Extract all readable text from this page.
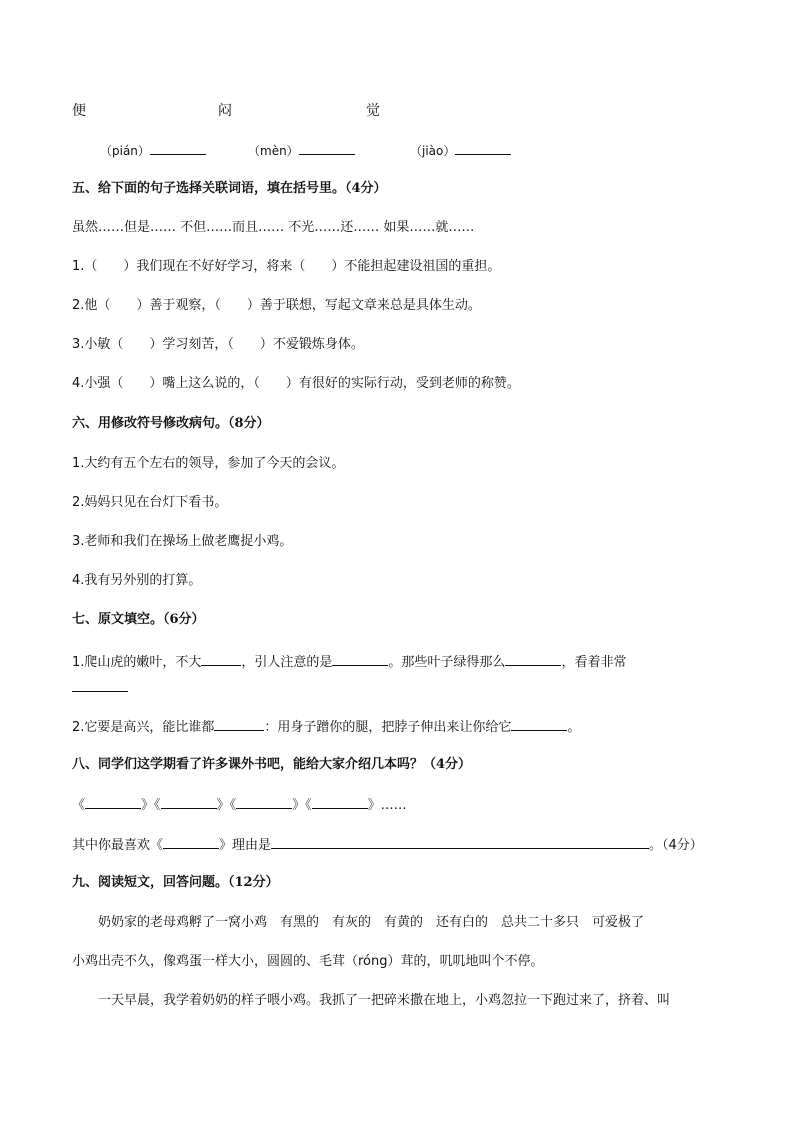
便	闷	觉
（pián）	（mèn）	（jiào）
五、给下面的句子选择关联词语，填在括号里。（4分）
虽然……但是…… 不但……而且…… 不光……还…… 如果……就……
1.（　　）我们现在不好好学习，将来（　　）不能担起建设祖国的重担。
2.他（　　）善于观察，（　　）善于联想，写起文章来总是具体生动。
3.小敏（　　）学习刻苦，（　　）不爱锻炼身体。
4.小强（　　）嘴上这么说的，（　　）有很好的实际行动，受到老师的称赞。
六、用修改符号修改病句。（8分）
1.大约有五个左右的领导，参加了今天的会议。
2.妈妈只见在台灯下看书。
3.老师和我们在操场上做老鹰捉小鸡。
4.我有另外别的打算。
七、原文填空。（6分）
1.爬山虎的嫩叶，不大	，引人注意的是	。那些叶子绿得那么	，看着非常
2.它要是高兴，能比谁都	：用身子蹭你的腿，把脖子伸出来让你给它	。
八、同学们这学期看了许多课外书吧，能给大家介绍几本吗？（4分）
《	》《	》《	》《	》……
其中你最喜欢《	》理由是	。（4分）
九、阅读短文，回答问题。（12分）
奶奶家的老母鸡孵了一窝小鸡　有黑的　有灰的　有黄的　还有白的　总共二十多只　可爱极了
小鸡出壳不久，像鸡蛋一样大小，圆圆的、毛茸（róng）茸的，叽叽地叫个不停。
一天早晨，我学着奶奶的样子喂小鸡。我抓了一把碎米撒在地上，小鸡忽拉一下跑过来了，挤着、叫
